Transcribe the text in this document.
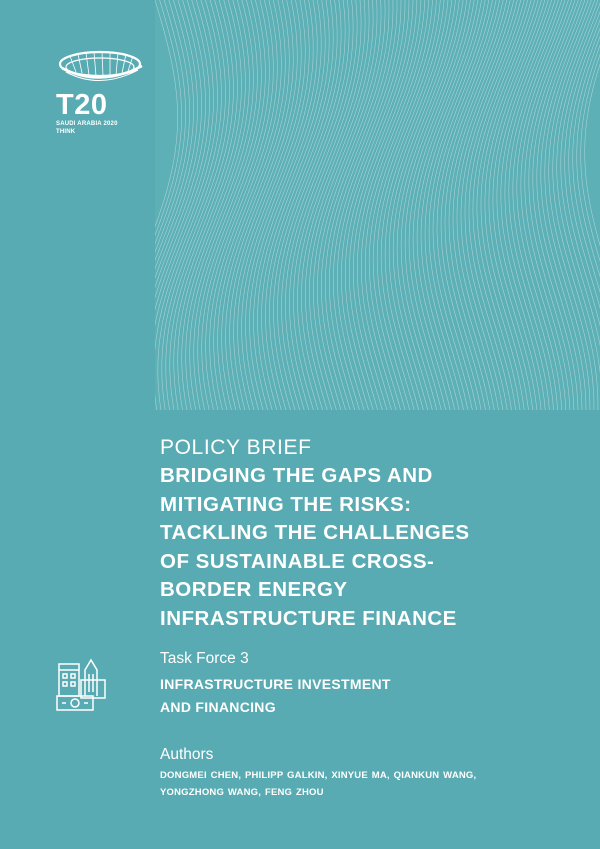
T20
SAUDI ARABIA 2020
THINK
POLICY BRIEF
BRIDGING THE GAPS AND
MITIGATING THE RISKS:
TACKLING THE CHALLENGES
OF SUSTAINABLE CROSS-
BORDER ENERGY
INFRASTRUCTURE FINANCE
Task Force 3
INFRASTRUCTURE INVESTMENT
AND FINANCING
Authors
DONGMEI CHEN, PHILIPP GALKIN, XINYUE MA, QIANKUN WANG,
YONGZHONG WANG, FENG ZHOU
